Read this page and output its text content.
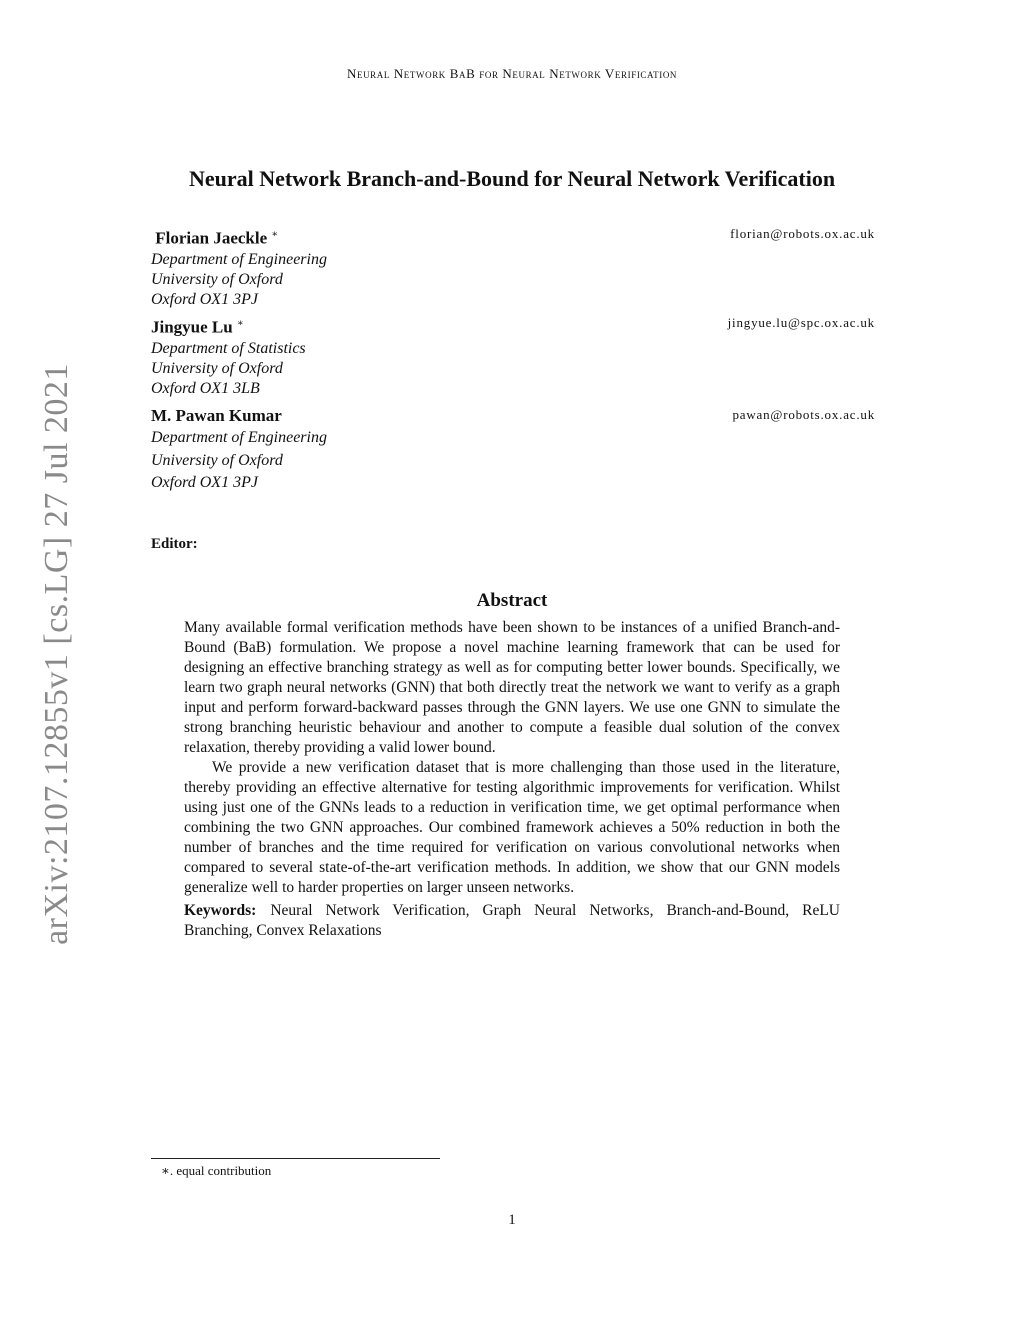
Neural Network BaB for Neural Network Verification
Neural Network Branch-and-Bound for Neural Network Verification
Florian Jaeckle ∗	florian@robots.ox.ac.uk
Department of Engineering
University of Oxford
Oxford OX1 3PJ
Jingyue Lu ∗	jingyue.lu@spc.ox.ac.uk
Department of Statistics
University of Oxford
Oxford OX1 3LB
M. Pawan Kumar	pawan@robots.ox.ac.uk
Department of Engineering
University of Oxford
Oxford OX1 3PJ
Editor:
Abstract

Many available formal verification methods have been shown to be instances of a unified Branch-and-Bound (BaB) formulation. We propose a novel machine learning framework that can be used for designing an effective branching strategy as well as for computing better lower bounds. Specifically, we learn two graph neural networks (GNN) that both directly treat the network we want to verify as a graph input and perform forward-backward passes through the GNN layers. We use one GNN to simulate the strong branching heuristic behaviour and another to compute a feasible dual solution of the convex relaxation, thereby providing a valid lower bound.

We provide a new verification dataset that is more challenging than those used in the literature, thereby providing an effective alternative for testing algorithmic improvements for verification. Whilst using just one of the GNNs leads to a reduction in verification time, we get optimal performance when combining the two GNN approaches. Our combined framework achieves a 50% reduction in both the number of branches and the time required for verification on various convolutional networks when compared to several state-of-the-art verification methods. In addition, we show that our GNN models generalize well to harder properties on larger unseen networks.

Keywords: Neural Network Verification, Graph Neural Networks, Branch-and-Bound, ReLU Branching, Convex Relaxations
arXiv:2107.12855v1 [cs.LG] 27 Jul 2021
∗. equal contribution
1
